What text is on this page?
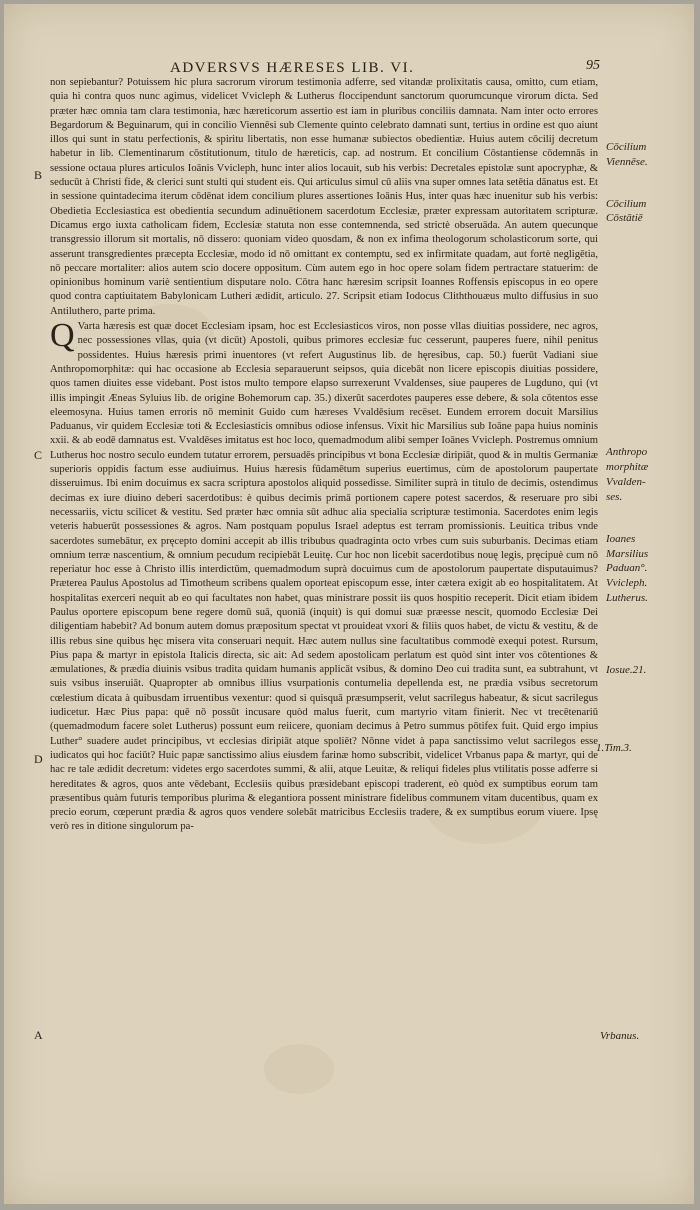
ADVERSVS HÆRESES LIB. VI.	95

non sepiebantur? Potuissem hic plura sacrorum virorum testimonia adferre, sed vitandæ prolixitatis causa, omitto, cum etiam, quia hi contra quos nunc agimus, videlicet Vvicleph & Lutherus floccipendunt sanctorum quorumcunque virorum dicta. Sed præter hæc omnia tam clara testimonia, hæc hæreticorum assertio est iam in pluribus conciliis damnata. Nam inter octo errores Begardorum & Beguinarum, qui in concilio Viennēsi sub Clemente quinto celebrato damnati sunt, tertius in ordine est quo aiunt illos qui sunt in statu perfectionis, & spiritu libertatis, non esse humanæ subiectos obedientiæ. Huius autem cōcilij decretum habetur in lib. Clementinarum cōstitutionum, titulo de hæreticis, cap. ad nostrum. Et concilium Cōstantiense cōdemnās in sessione octaua plures articulos Ioānis Vvicleph, hunc inter alios locauit, sub his verbis: Decretales epistolæ sunt apocryphæ, & seducūt à Christi fide, & clerici sunt stulti qui student eis. Qui articulus simul cū aliis vna super omnes lata setētia dānatus est. Et in sessione quintadecima iterum cōdēnat idem concilium plures assertiones Ioānis Hus, inter quas hæc inuenitur sub his verbis: Obedietia Ecclesiastica est obedientia secundum adinuētionem sacerdotum Ecclesiæ, præter expressam autoritatem scripturæ. Dicamus ergo iuxta catholicam fidem, Ecclesiæ statuta non esse contemnenda, sed strictè obseruāda. An autem quecunque transgressio illorum sit mortalis, nō dissero: quoniam video quosdam, & non ex infima theologorum scholasticorum sorte, qui asserunt transgredientes præcepta Ecclesiæ, modo id nō omittant ex contemptu, sed ex infirmitate quadam, aut fortè negligētia, nō peccare mortaliter: alios autem scio docere oppositum. Cùm autem ego in hoc opere solam fidem pertractare statuerim: de opinionibus hominum variè sentientium disputare nolo. Cōtra hanc hæresim scripsit Ioannes Roffensis episcopus in eo opere quod contra captiuitatem Babylonicam Lutheri ædidit, articulo. 27. Scripsit etiam Iodocus Cliththouæus multo diffusius in suo Antiluthero, parte prima.

Q Varta hæresis est quæ docet Ecclesiam ipsam, hoc est Ecclesiasticos viros, non posse vllas diuitias possidere, nec agros, nec possessiones vllas, quia (vt dicūt) Apostoli, quibus primores ecclesiæ fuc cesserunt, pauperes fuere, nihil penitus possidentes. Huius hæresis primi inuentores (vt refert Augustinus lib. de hęresibus, cap. 50.) fuerūt Vadiani siue Anthropomorphitæ: qui hac occasione ab Ecclesia separauerunt seipsos, quia dicebāt non licere episcopis diuitias possidere, quos tamen diuites esse videbant. Post istos multo tempore elapso surrexerunt Vvaldenses, siue pauperes de Lugduno, qui (vt illis impingit Æneas Syluius lib. de origine Bohemorum cap. 35.) dixerūt sacerdotes pauperes esse debere, & sola cōtentos esse eleemosyna. Huius tamen erroris nō meminit Guido cum hæreses Vvaldēsium recēset. Eundem errorem docuit Marsilius Paduanus, vir quidem Ecclesiæ toti & Ecclesiasticis omnibus odiose infensus. Vixit hic Marsilius sub Ioāne papa huius nominis xxii. & ab eodē damnatus est. Vvaldēses imitatus est hoc loco, quemadmodum alibi semper Ioānes Vvicleph. Postremus omnium Lutherus hoc nostro seculo eundem tutatur errorem, persuadēs principibus vt bona Ecclesiæ diripiāt, quod & in multis Germaniæ superioris oppidis factum esse audiuimus. Huius hæresis fūdamētum superius euertimus, cùm de apostolorum paupertate disseruimus. Ibi enim docuimus ex sacra scriptura apostolos aliquid possedisse. Similiter suprà in titulo de decimis, ostendimus decimas ex iure diuino deberi sacerdotibus: è quibus decimis primā portionem capere potest sacerdos, & reseruare pro sibi necessariis, victu scilicet & vestitu. Sed præter hæc omnia sūt adhuc alia specialia scripturæ testimonia. Sacerdotes enim legis veteris habuerūt possessiones & agros. Nam postquam populus Israel adeptus est terram promissionis. Leuitica tribus vnde sacerdotes sumebātur, ex pręcepto domini accepit ab illis tribubus quadraginta octo vrbes cum suis suburbanis. Decimas etiam omnium terræ nascentium, & omnium pecudum recipiebāt Leuitę. Cur hoc non licebit sacerdotibus nouę legis, pręcipuè cum nō reperiatur hoc esse à Christo illis interdictūm, quemadmodum suprà docuimus cum de apostolorum paupertate disputauimus? Præterea Paulus Apostolus ad Timotheum scribens qualem oporteat episcopum esse, inter cætera exigit ab eo hospitalitatem. At hospitalitas exerceri nequit ab eo qui facultates non habet, quas ministrare possit iis quos hospitio receperit. Dicit etiam ibidem Paulus oportere episcopum bene regere domū suā, quoniā (inquit) is qui domui suæ præesse nescit, quomodo Ecclesiæ Dei diligentiam habebit? Ad bonum autem domus præpositum spectat vt prouideat vxori & filiis quos habet, de victu & vestitu, & de illis rebus sine quibus hęc misera vita conseruari nequit. Hæc autem nullus sine facultatibus commodè exequi potest. Rursum, Pius papa & martyr in epistola Italicis directa, sic ait: Ad sedem apostolicam perlatum est quòd sint inter vos cōtentiones & æmulationes, & prædia diuinis vsibus tradita quidam humanis applicāt vsibus, & domino Deo cui tradita sunt, ea subtrahunt, vt suis vsibus inseruiāt. Quapropter ab omnibus illius vsurpationis contumelia depellenda est, ne prædia vsibus secretorum cœlestium dicata à quibusdam irruentibus vexentur: quod si quisquā præsumpserit, velut sacrilegus habeatur, & sicut sacrilegus iudicetur. Hæc Pius papa: quē nō possūt incusare quòd malus fuerit, cum martyrio vitam finierit. Nec vt trecētenariū (quemadmodum facere solet Lutherus) possunt eum reiicere, quoniam decimus à Petro summus pōtifex fuit. Quid ergo impius Luther° suadere audet principibus, vt ecclesias diripiāt atque spoliēt? Nōnne videt à papa sanctissimo velut sacrilegos esse iudicatos qui hoc faciūt? Huic papæ sanctissimo alius eiusdem farinæ homo subscribit, videlicet Vrbanus papa & martyr, qui de hac re tale ædidit decretum: videtes ergo sacerdotes summi, & alii, atque Leuitæ, & reliqui fideles plus vtilitatis posse adferre si hereditates & agros, quos ante vēdebant, Ecclesiis quibus præsidebant episcopi traderent, eò quòd ex sumptibus eorum tam præsentibus quàm futuris temporibus plurima & elegantiora possent ministrare fidelibus communem vitam ducentibus, quam ex precio eorum, cœperunt prædia & agros quos vendere solebāt matricibus Ecclesiis tradere, & ex sumptibus eorum viuere. Ipsę verò res in ditione singulorum pa-

B
C
D
A
Cōcilium
Viennēse.
Cōcilium
Cōstātiē
Anthropo
morphitæ
Vvalden-
ses.
Ioanes
Marsilius
Paduan°.
Vvicleph.
Lutherus.
Iosue.21.
1.Tim.3.
Vrbanus.
